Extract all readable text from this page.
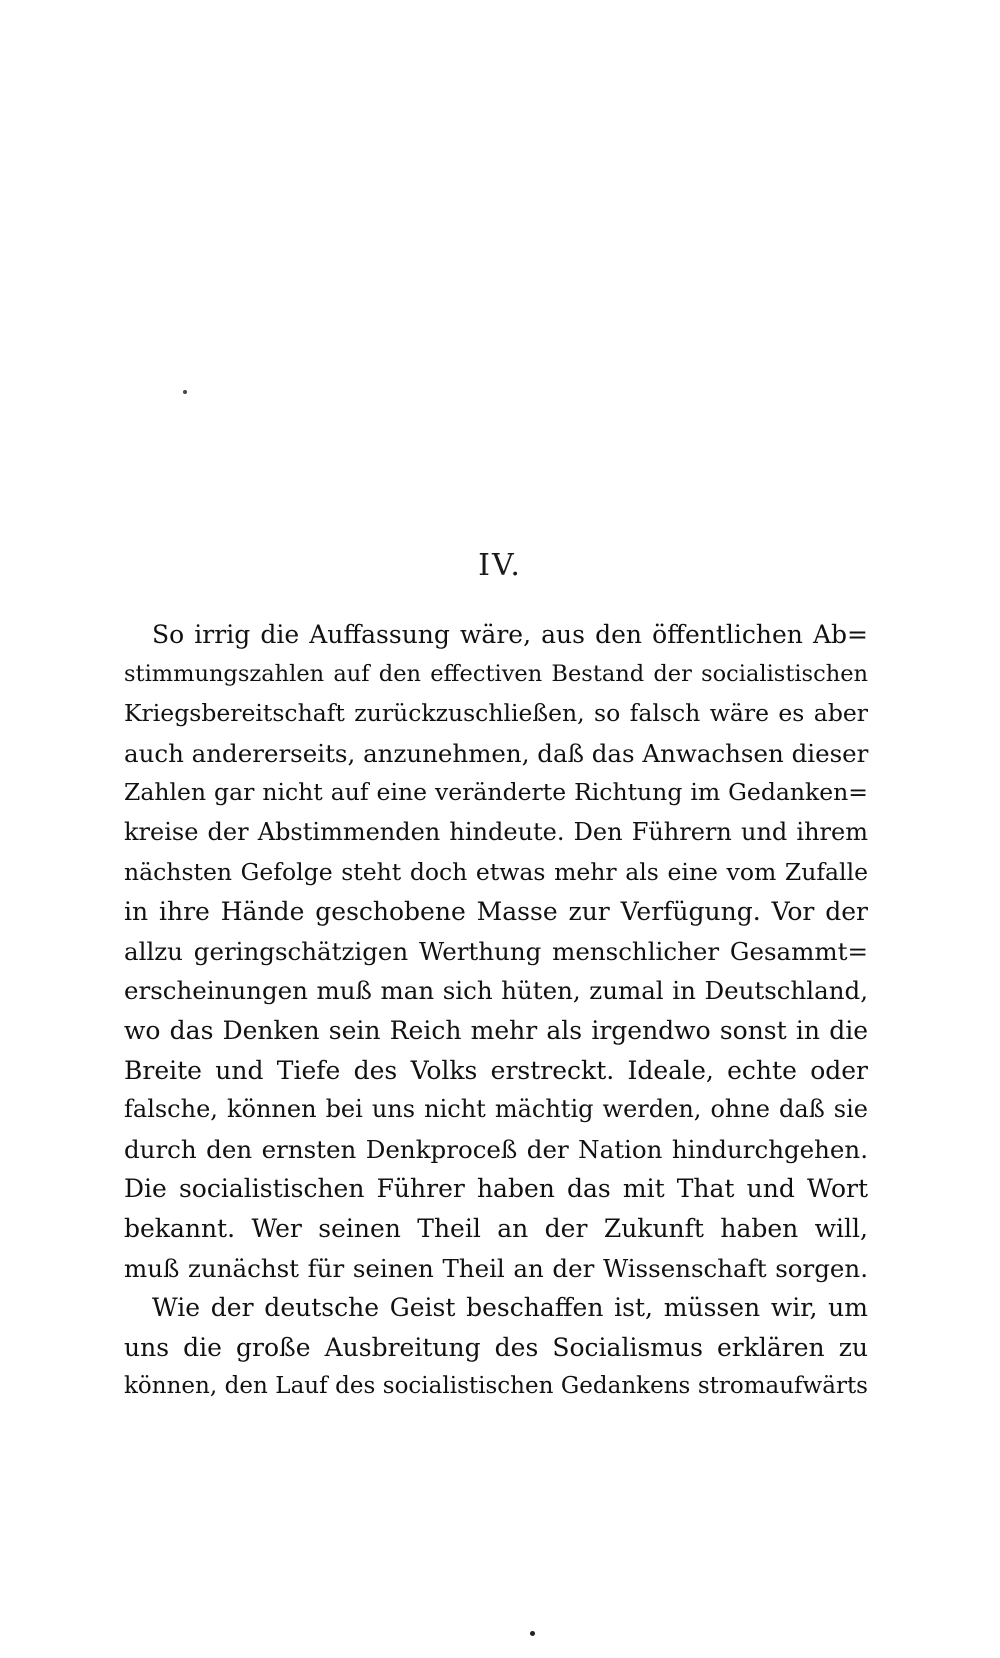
IV.
So irrig die Auffassung wäre, aus den öffentlichen Ab=
stimmungszahlen auf den effectiven Bestand der socialistischen
Kriegsbereitschaft zurückzuschließen, so falsch wäre es aber
auch andererseits, anzunehmen, daß das Anwachsen dieser
Zahlen gar nicht auf eine veränderte Richtung im Gedanken=
kreise der Abstimmenden hindeute. Den Führern und ihrem
nächsten Gefolge steht doch etwas mehr als eine vom Zufalle
in ihre Hände geschobene Masse zur Verfügung. Vor der
allzu geringschätzigen Werthung menschlicher Gesammt=
erscheinungen muß man sich hüten, zumal in Deutschland,
wo das Denken sein Reich mehr als irgendwo sonst in die
Breite und Tiefe des Volks erstreckt. Ideale, echte oder
falsche, können bei uns nicht mächtig werden, ohne daß sie
durch den ernsten Denkproceß der Nation hindurchgehen.
Die socialistischen Führer haben das mit That und Wort
bekannt. Wer seinen Theil an der Zukunft haben will,
muß zunächst für seinen Theil an der Wissenschaft sorgen.
Wie der deutsche Geist beschaffen ist, müssen wir, um
uns die große Ausbreitung des Socialismus erklären zu
können, den Lauf des socialistischen Gedankens stromaufwärts
